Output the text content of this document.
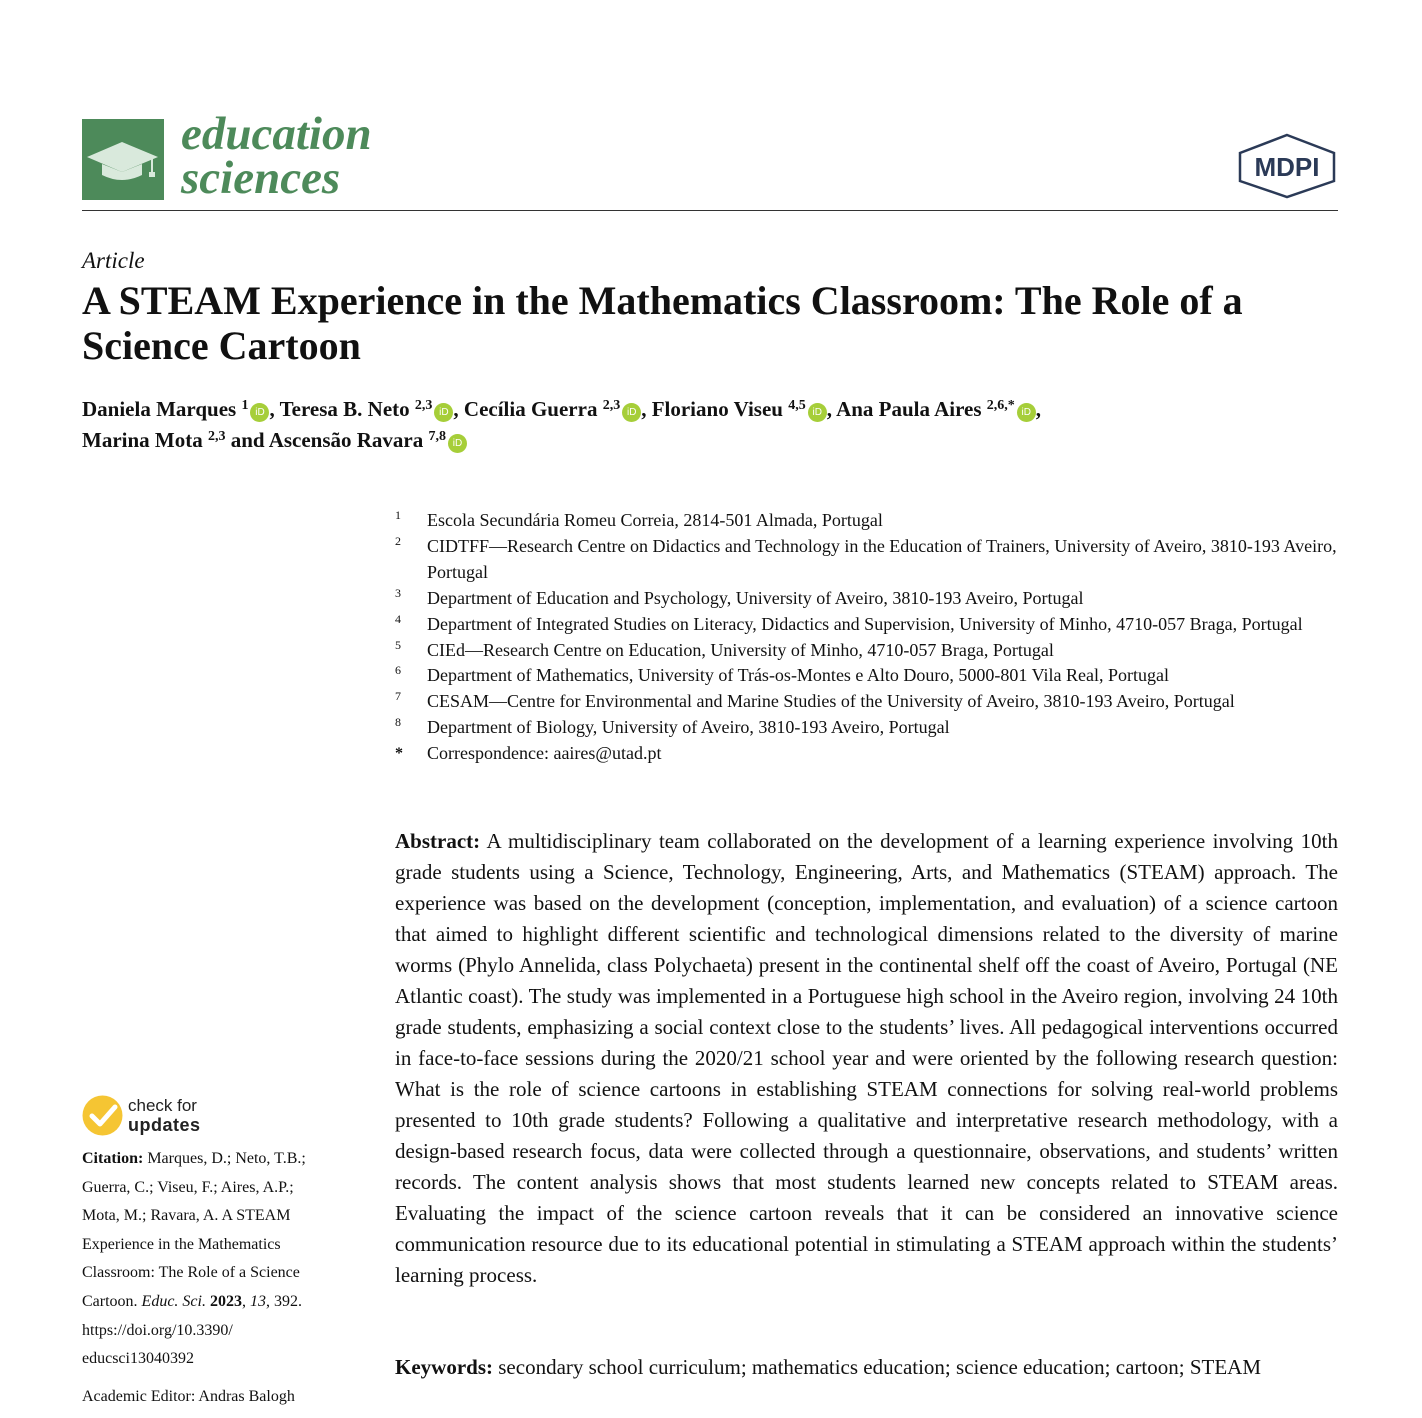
education
sciences	MDPI
Article
A STEAM Experience in the Mathematics Classroom: The Role of a Science Cartoon
Daniela Marques $^1$ iD , Teresa B. Neto $^{2,3}$ iD , Cecília Guerra $^{2,3}$ iD , Floriano Viseu $^{4,5}$ iD , Ana Paula Aires $^{2,6,*}$ iD ,
Marina Mota $^{2,3}$ and Ascensão Ravara $^{7,8}$ iD
1 Escola Secundária Romeu Correia, 2814-501 Almada, Portugal
2 CIDTFF—Research Centre on Didactics and Technology in the Education of Trainers, University of Aveiro, 3810-193 Aveiro, Portugal
3 Department of Education and Psychology, University of Aveiro, 3810-193 Aveiro, Portugal
4 Department of Integrated Studies on Literacy, Didactics and Supervision, University of Minho, 4710-057 Braga, Portugal
5 CIEd—Research Centre on Education, University of Minho, 4710-057 Braga, Portugal
6 Department of Mathematics, University of Trás-os-Montes e Alto Douro, 5000-801 Vila Real, Portugal
7 CESAM—Centre for Environmental and Marine Studies of the University of Aveiro, 3810-193 Aveiro, Portugal
8 Department of Biology, University of Aveiro, 3810-193 Aveiro, Portugal
* Correspondence: aaires@utad.pt
Abstract: A multidisciplinary team collaborated on the development of a learning experience involving 10th grade students using a Science, Technology, Engineering, Arts, and Mathematics (STEAM) approach. The experience was based on the development (conception, implementation, and evaluation) of a science cartoon that aimed to highlight different scientific and technological dimensions related to the diversity of marine worms (Phylo Annelida, class Polychaeta) present in the continental shelf off the coast of Aveiro, Portugal (NE Atlantic coast). The study was implemented in a Portuguese high school in the Aveiro region, involving 24 10th grade students, emphasizing a social context close to the students’ lives. All pedagogical interventions occurred in face-to-face sessions during the 2020/21 school year and were oriented by the following research question: What is the role of science cartoons in establishing STEAM connections for solving real-world problems presented to 10th grade students? Following a qualitative and interpretative research methodology, with a design-based research focus, data were collected through a questionnaire, observations, and students’ written records. The content analysis shows that most students learned new concepts related to STEAM areas. Evaluating the impact of the science cartoon reveals that it can be considered an innovative science communication resource due to its educational potential in stimulating a STEAM approach within the students’ learning process.
Keywords: secondary school curriculum; mathematics education; science education; cartoon; STEAM
check for
updates
Citation: Marques, D.; Neto, T.B.;
Guerra, C.; Viseu, F.; Aires, A.P.;
Mota, M.; Ravara, A. A STEAM
Experience in the Mathematics
Classroom: The Role of a Science
Cartoon. Educ. Sci. 2023, 13, 392.
https://doi.org/10.3390/
educsci13040392
Academic Editor: Andras Balogh
